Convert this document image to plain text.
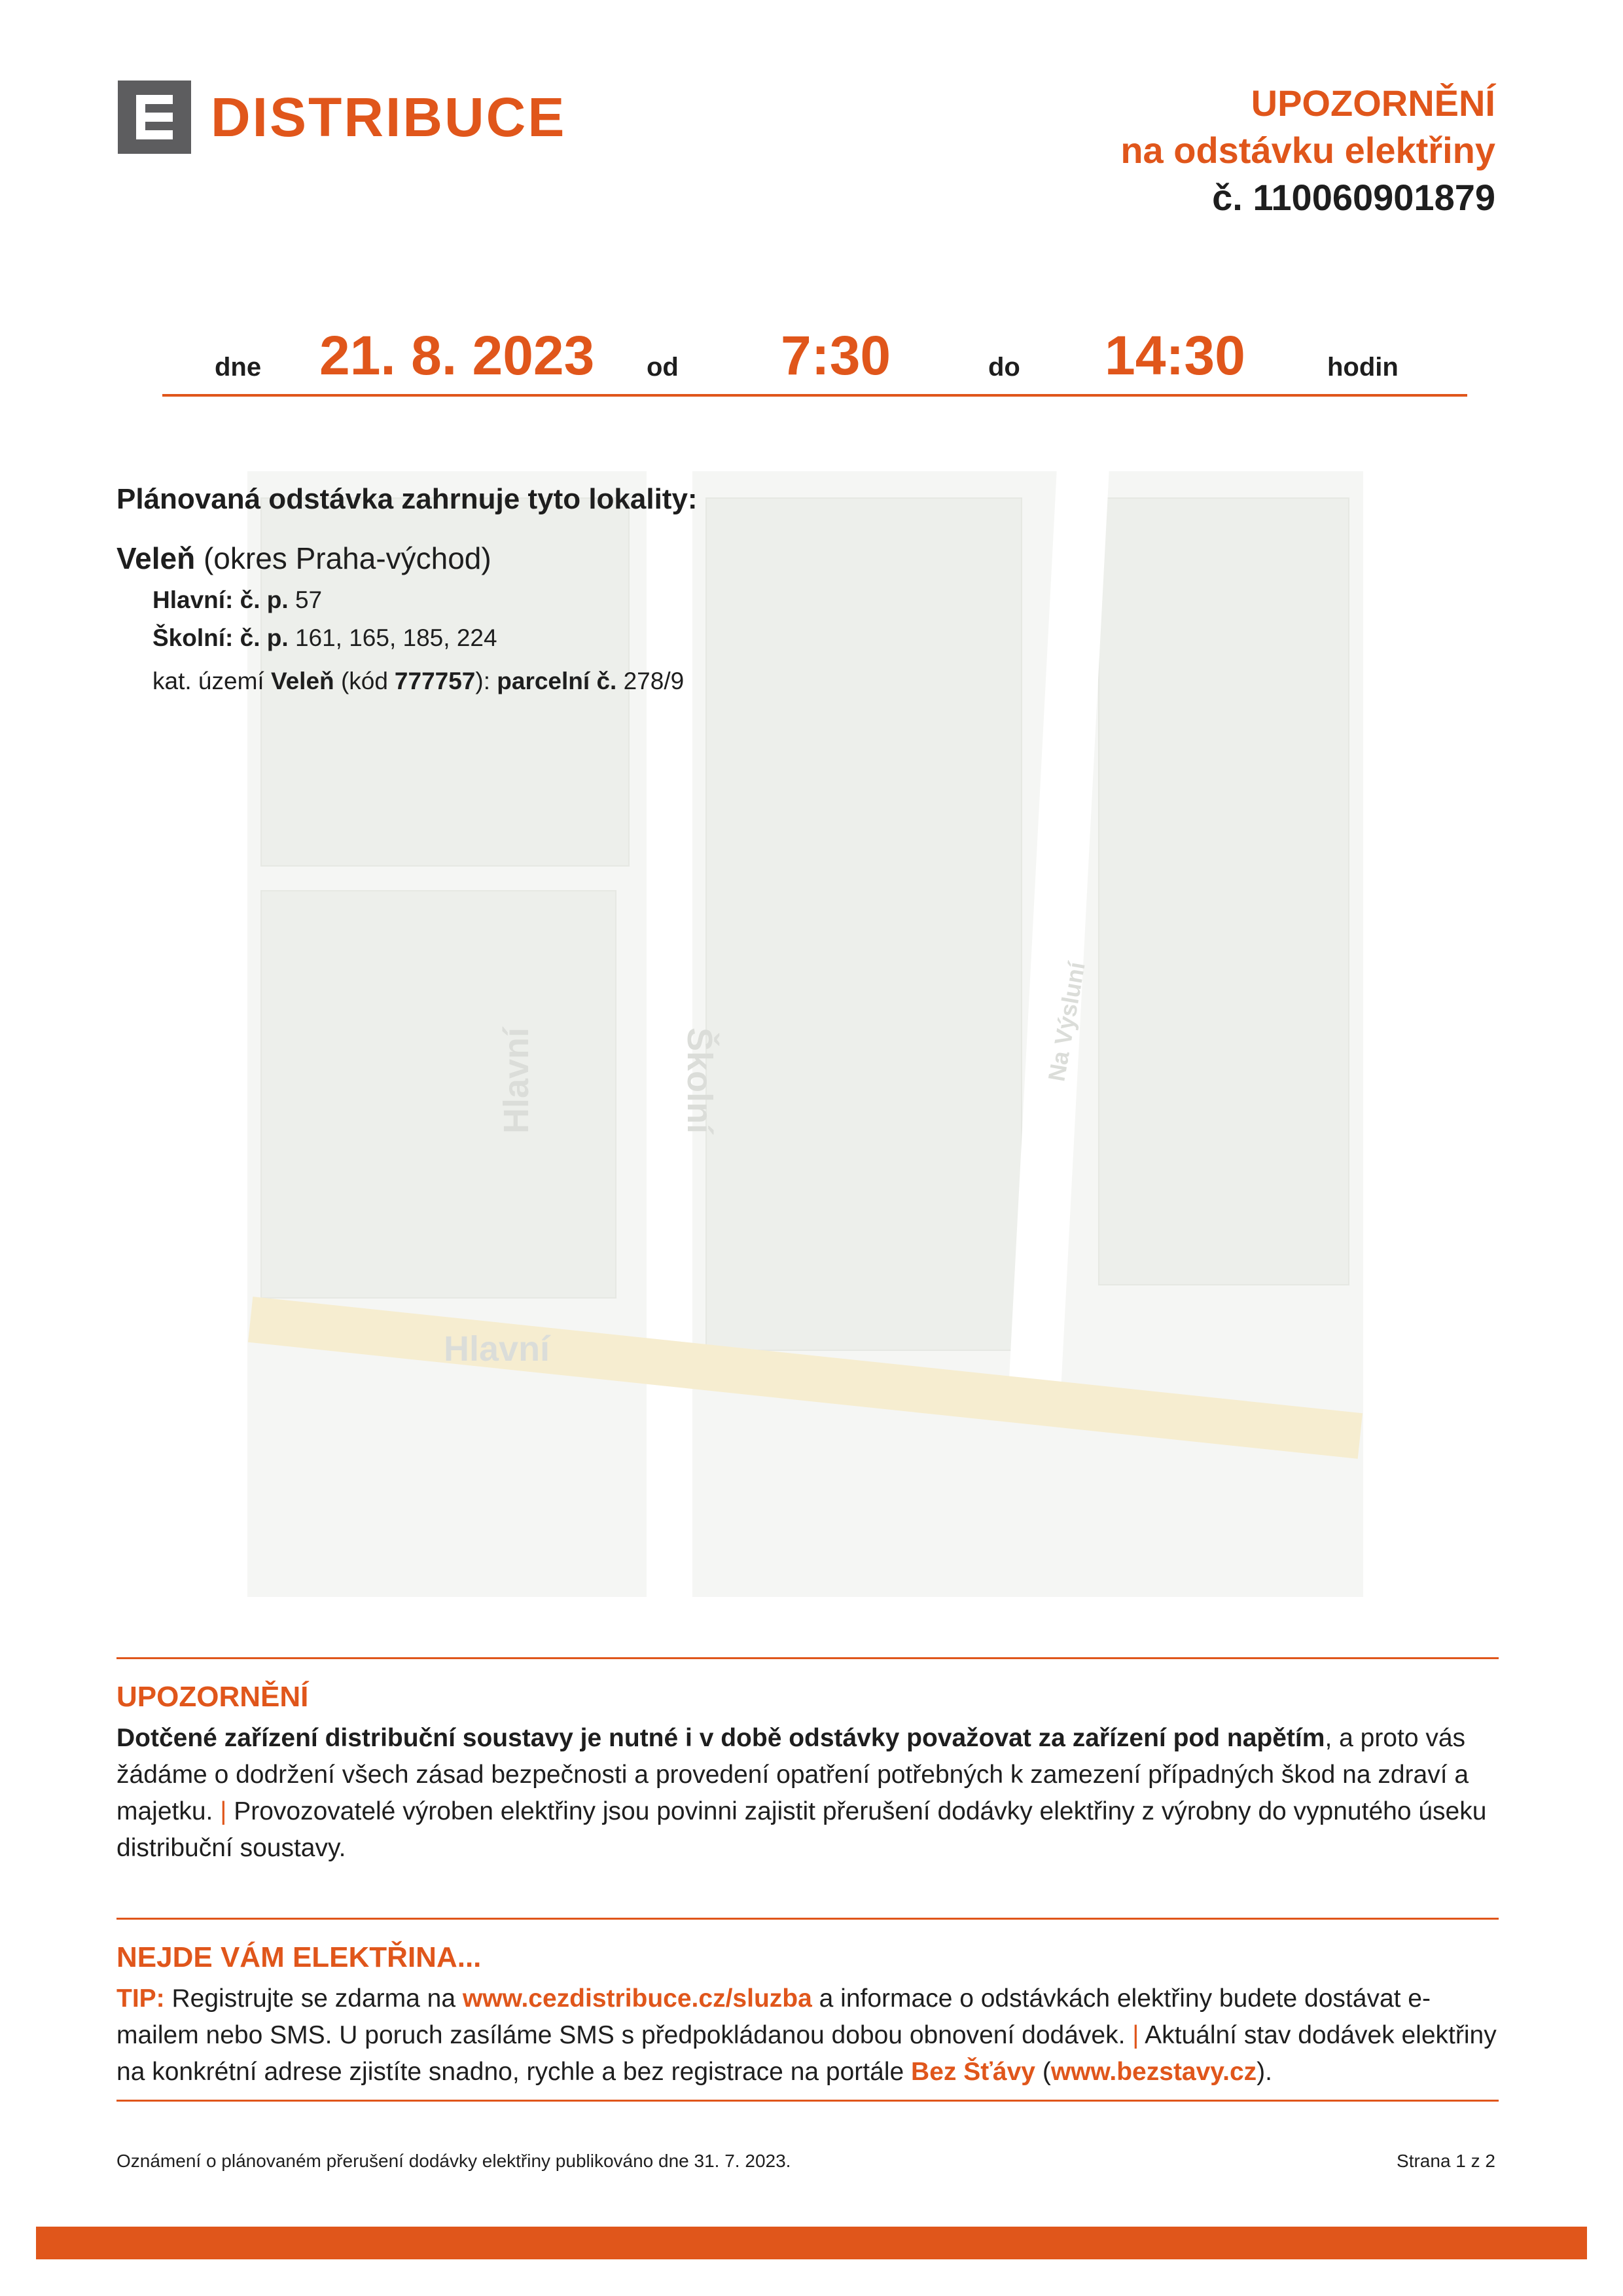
DISTRIBUCE	UPOZORNĚNÍ
na odstávku elektřiny
č. 110060901879
dne 21. 8. 2023 od 7:30	do 14:30	hodin
Hlavní	Školní
Hlavní
Na Výsluní
Plánovaná odstávka zahrnuje tyto lokality:
Veleň (okres Praha-východ)
Hlavní: č. p. 57
Školní: č. p. 161, 165, 185, 224
kat. území Veleň (kód 777757): parcelní č. 278/9
UPOZORNĚNÍ
Dotčené zařízení distribuční soustavy je nutné i v době odstávky považovat za zařízení pod napětím, a proto vás žádáme o dodržení všech zásad bezpečnosti a provedení opatření potřebných k zamezení případných škod na zdraví a majetku. | Provozovatelé výroben elektřiny jsou povinni zajistit přerušení dodávky elektřiny z výrobny do vypnutého úseku distribuční soustavy.
NEJDE VÁM ELEKTŘINA...
TIP: Registrujte se zdarma na www.cezdistribuce.cz/sluzba a informace o odstávkách elektřiny budete dostávat e-mailem nebo SMS. U poruch zasíláme SMS s předpokládanou dobou obnovení dodávek. | Aktuální stav dodávek elektřiny na konkrétní adrese zjistíte snadno, rychle a bez registrace na portále Bez Šťávy (www.bezstavy.cz).
Oznámení o plánovaném přerušení dodávky elektřiny publikováno dne 31. 7. 2023.	Strana 1 z 2
